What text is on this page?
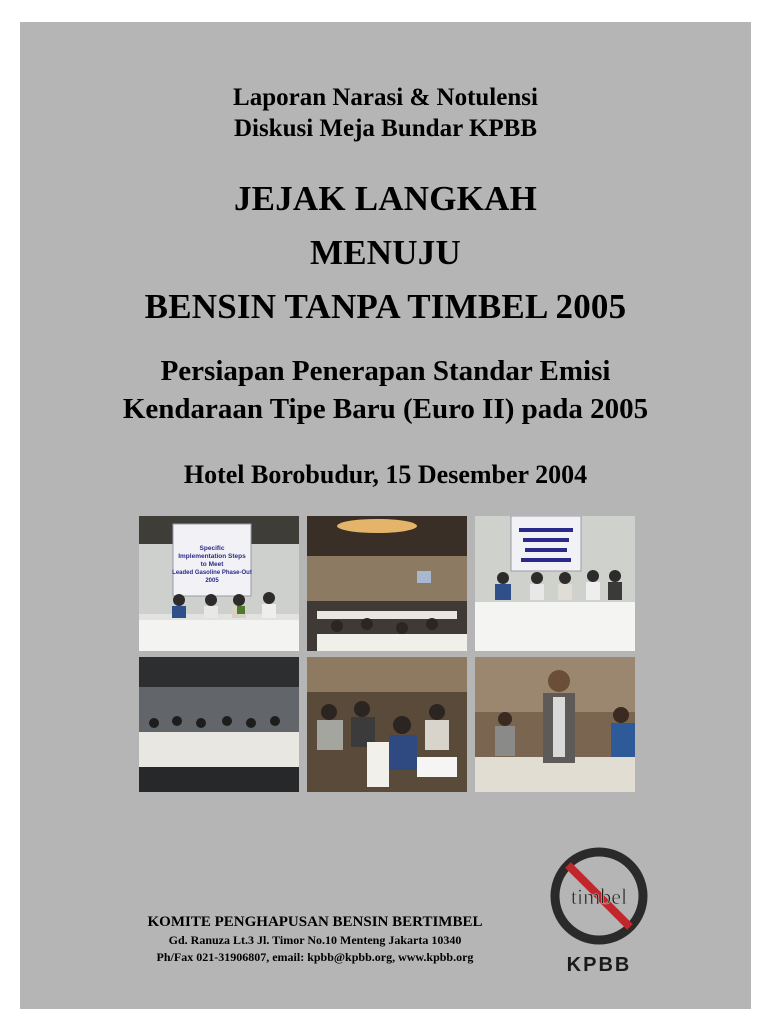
Laporan Narasi & Notulensi
Diskusi Meja Bundar KPBB
JEJAK LANGKAH
MENUJU
BENSIN TANPA TIMBEL 2005
Persiapan Penerapan Standar Emisi
Kendaraan Tipe Baru (Euro II) pada 2005
Hotel Borobudur, 15 Desember 2004
Specific
Implementation Steps
to Meet
Leaded Gasoline Phase-Out
2005
KOMITE PENGHAPUSAN BENSIN BERTIMBEL
Gd. Ranuza Lt.3 Jl. Timor No.10 Menteng Jakarta 10340
Ph/Fax 021-31906807, email: kpbb@kpbb.org, www.kpbb.org
timbel
KPBB
